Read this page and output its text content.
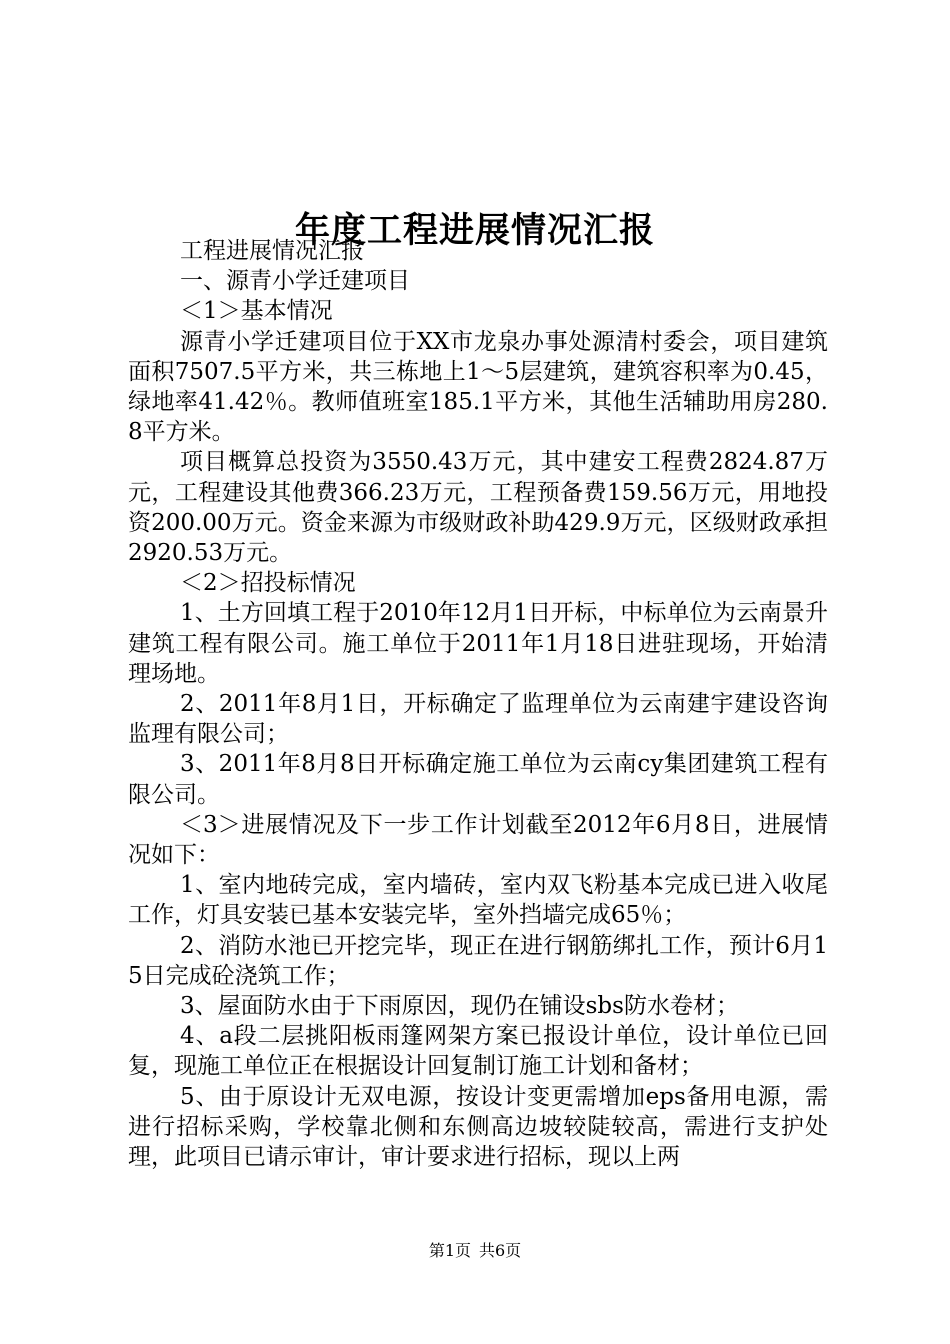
年度工程进展情况汇报

工程进展情况汇报

一、源青小学迁建项目

＜1＞基本情况

源青小学迁建项目位于XX市龙泉办事处源清村委会，项目建筑面积7507.5平方米，共三栋地上1～5层建筑，建筑容积率为0.45，绿地率41.42％。教师值班室185.1平方米，其他生活辅助用房280.8平方米。

项目概算总投资为3550.43万元，其中建安工程费2824.87万元，工程建设其他费366.23万元，工程预备费159.56万元，用地投资200.00万元。资金来源为市级财政补助429.9万元，区级财政承担2920.53万元。

＜2＞招投标情况

1、土方回填工程于2010年12月1日开标，中标单位为云南景升建筑工程有限公司。施工单位于2011年1月18日进驻现场，开始清理场地。

2、2011年8月1日，开标确定了监理单位为云南建宇建设咨询监理有限公司；

3、2011年8月8日开标确定施工单位为云南cy集团建筑工程有限公司。

＜3＞进展情况及下一步工作计划截至2012年6月8日，进展情况如下：

1、室内地砖完成，室内墙砖，室内双飞粉基本完成已进入收尾工作，灯具安装已基本安装完毕，室外挡墙完成65％；

2、消防水池已开挖完毕，现正在进行钢筋绑扎工作，预计6月15日完成砼浇筑工作；

3、屋面防水由于下雨原因，现仍在铺设sbs防水卷材；

4、a段二层挑阳板雨篷网架方案已报设计单位，设计单位已回复，现施工单位正在根据设计回复制订施工计划和备材；

5、由于原设计无双电源，按设计变更需增加eps备用电源，需进行招标采购，学校靠北侧和东侧高边坡较陡较高，需进行支护处理，此项目已请示审计，审计要求进行招标，现以上两

第1页 共6页
